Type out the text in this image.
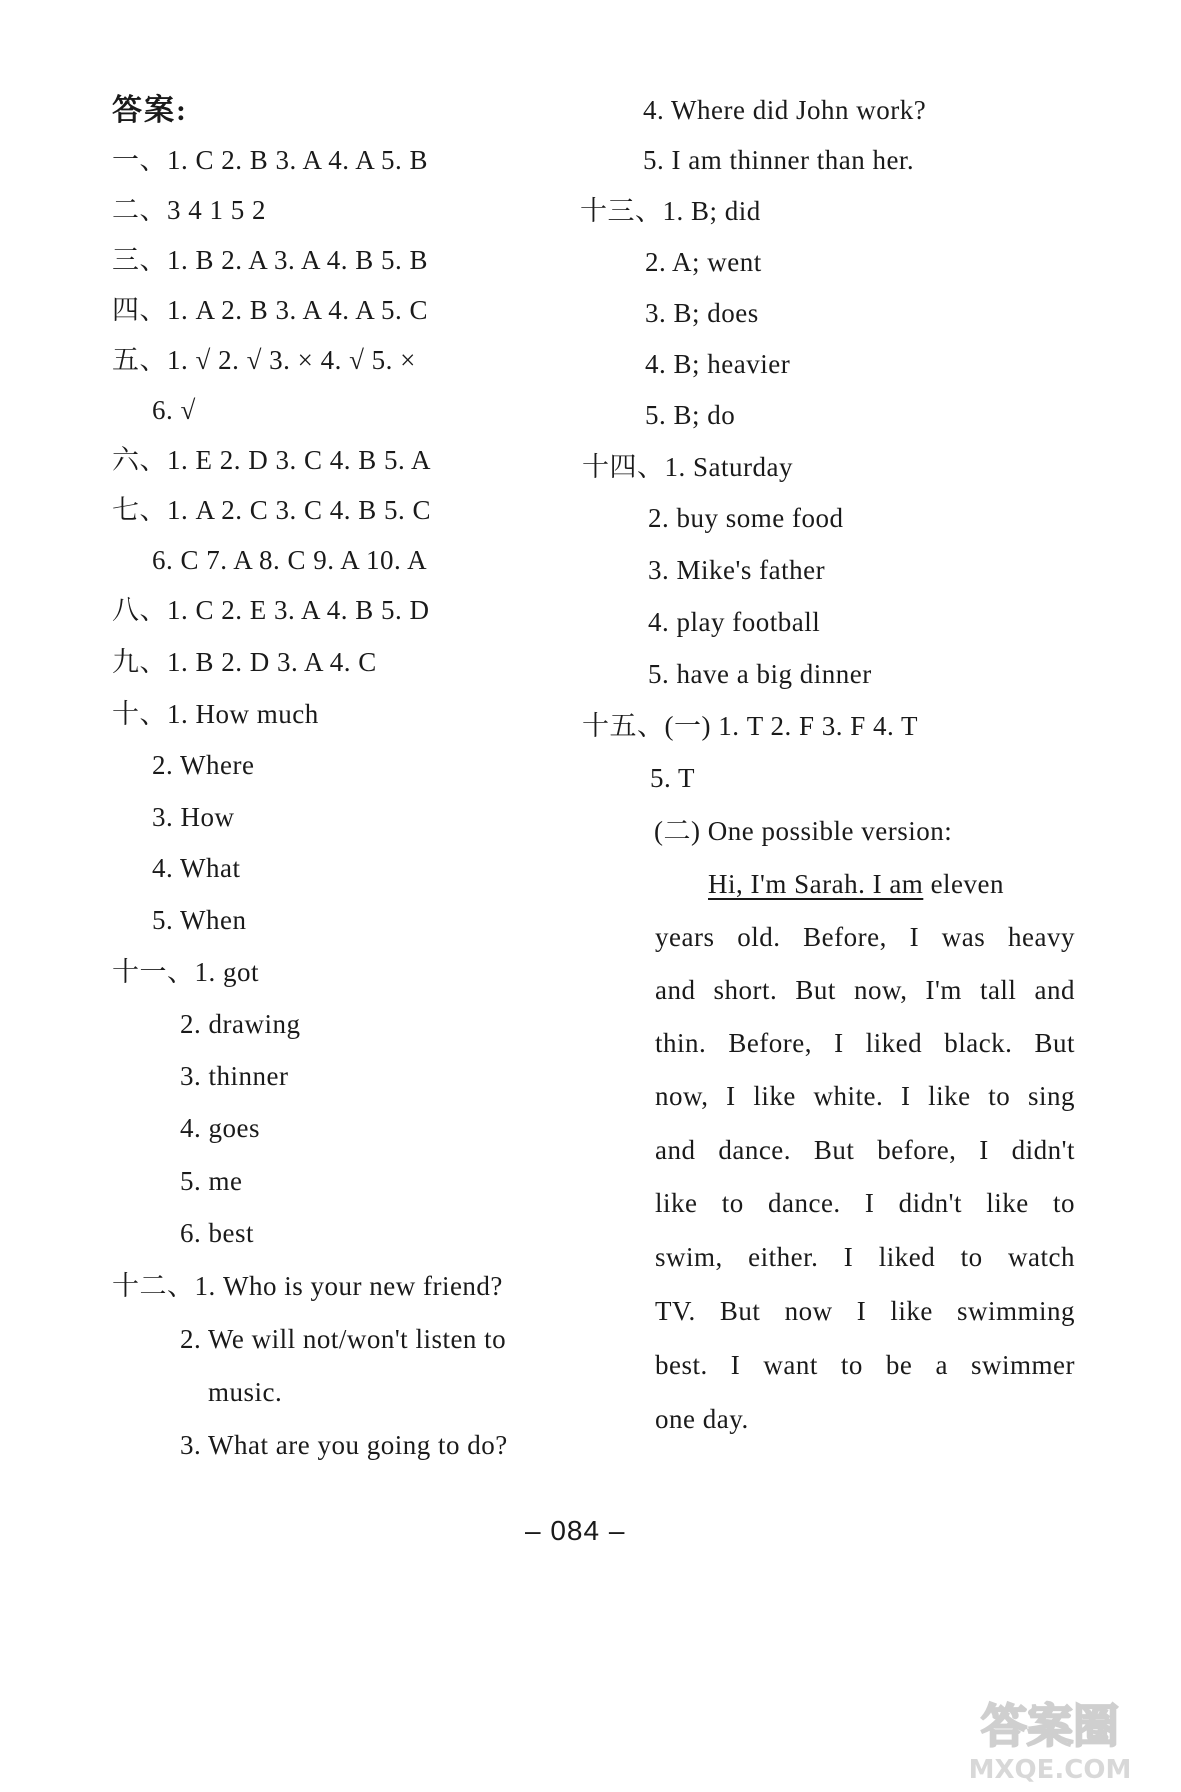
答案:
一、1. C 2. B 3. A 4. A 5. B
二、3 4 1 5 2
三、1. B 2. A 3. A 4. B 5. B
四、1. A 2. B 3. A 4. A 5. C
五、1. √ 2. √ 3. × 4. √ 5. ×
6. √
六、1. E 2. D 3. C 4. B 5. A
七、1. A 2. C 3. C 4. B 5. C
6. C 7. A 8. C 9. A 10. A
八、1. C 2. E 3. A 4. B 5. D
九、1. B 2. D 3. A 4. C
十、1. How much
2. Where
3. How
4. What
5. When
十一、1. got
2. drawing
3. thinner
4. goes
5. me
6. best
十二、1. Who is your new friend?
2. We will not/won't listen to
music.
3. What are you going to do?
4. Where did John work?
5. I am thinner than her.
十三、1. B; did
2. A; went
3. B; does
4. B; heavier
5. B; do
十四、1. Saturday
2. buy some food
3. Mike's father
4. play football
5. have a big dinner
十五、(一) 1. T 2. F 3. F 4. T
5. T
(二) One possible version:
Hi, I'm Sarah. I am eleven
years old. Before, I was heavy
and short. But now, I'm tall and
thin. Before, I liked black. But
now, I like white. I like to sing
and dance. But before, I didn't
like to dance. I didn't like to
swim, either. I liked to watch
TV. But now I like swimming
best. I want to be a swimmer
one day.
– 084 –
答案圈
MXQE.COM
